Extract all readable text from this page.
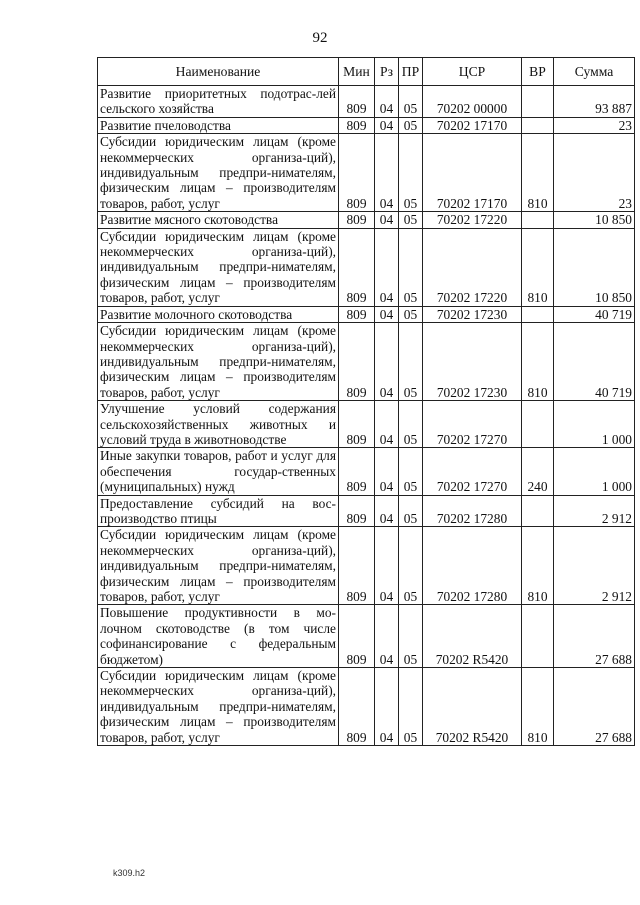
92
Наименование	Мин	Рз	ПР	ЦСР	ВР	Сумма
Развитие приоритетных подотрас-лей сельского хозяйства	809	04	05	70202 00000		93 887
Развитие пчеловодства	809	04	05	70202 17170		23
Субсидии юридическим лицам (кроме некоммерческих организа-ций), индивидуальным предпри-нимателям, физическим лицам – производителям товаров, работ, услуг	809	04	05	70202 17170	810	23
Развитие мясного скотоводства	809	04	05	70202 17220		10 850
Субсидии юридическим лицам (кроме некоммерческих организа-ций), индивидуальным предпри-нимателям, физическим лицам – производителям товаров, работ, услуг	809	04	05	70202 17220	810	10 850
Развитие молочного скотоводства	809	04	05	70202 17230		40 719
Субсидии юридическим лицам (кроме некоммерческих организа-ций), индивидуальным предпри-нимателям, физическим лицам – производителям товаров, работ, услуг	809	04	05	70202 17230	810	40 719
Улучшение условий содержания сельскохозяйственных животных и условий труда в животноводстве	809	04	05	70202 17270		1 000
Иные закупки товаров, работ и услуг для обеспечения государ-ственных (муниципальных) нужд	809	04	05	70202 17270	240	1 000
Предоставление субсидий на вос-производство птицы	809	04	05	70202 17280		2 912
Субсидии юридическим лицам (кроме некоммерческих организа-ций), индивидуальным предпри-нимателям, физическим лицам – производителям товаров, работ, услуг	809	04	05	70202 17280	810	2 912
Повышение продуктивности в мо-лочном скотоводстве (в том числе софинансирование с федеральным бюджетом)	809	04	05	70202 R5420		27 688
Субсидии юридическим лицам (кроме некоммерческих организа-ций), индивидуальным предпри-нимателям, физическим лицам – производителям товаров, работ, услуг	809	04	05	70202 R5420	810	27 688
k309.h2
